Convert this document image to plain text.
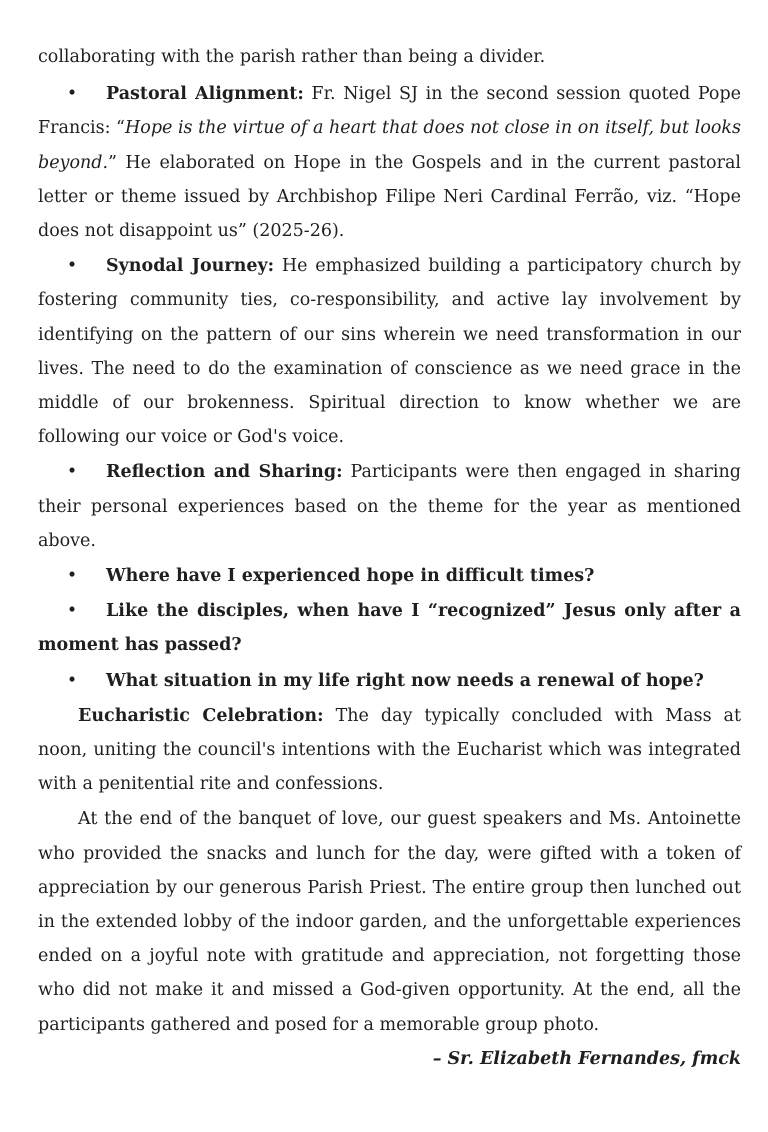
collaborating with the parish rather than being a divider.

• Pastoral Alignment: Fr. Nigel SJ in the second session quoted Pope Francis: “Hope is the virtue of a heart that does not close in on itself, but looks beyond.” He elaborated on Hope in the Gospels and in the current pastoral letter or theme issued by Archbishop Filipe Neri Cardinal Ferrão, viz. “Hope does not disappoint us” (2025-26).

• Synodal Journey: He emphasized building a participatory church by fostering community ties, co-responsibility, and active lay involvement by identifying on the pattern of our sins wherein we need transformation in our lives. The need to do the examination of conscience as we need grace in the middle of our brokenness. Spiritual direction to know whether we are following our voice or God's voice.

• Reflection and Sharing: Participants were then engaged in sharing their personal experiences based on the theme for the year as mentioned above.

• Where have I experienced hope in difficult times?

• Like the disciples, when have I “recognized” Jesus only after a moment has passed?

• What situation in my life right now needs a renewal of hope?

Eucharistic Celebration: The day typically concluded with Mass at noon, uniting the council's intentions with the Eucharist which was integrated with a penitential rite and confessions.

At the end of the banquet of love, our guest speakers and Ms. Antoinette who provided the snacks and lunch for the day, were gifted with a token of appreciation by our generous Parish Priest. The entire group then lunched out in the extended lobby of the indoor garden, and the unforgettable experiences ended on a joyful note with gratitude and appreciation, not forgetting those who did not make it and missed a God-given opportunity. At the end, all the participants gathered and posed for a memorable group photo.

– Sr. Elizabeth Fernandes, fmck
